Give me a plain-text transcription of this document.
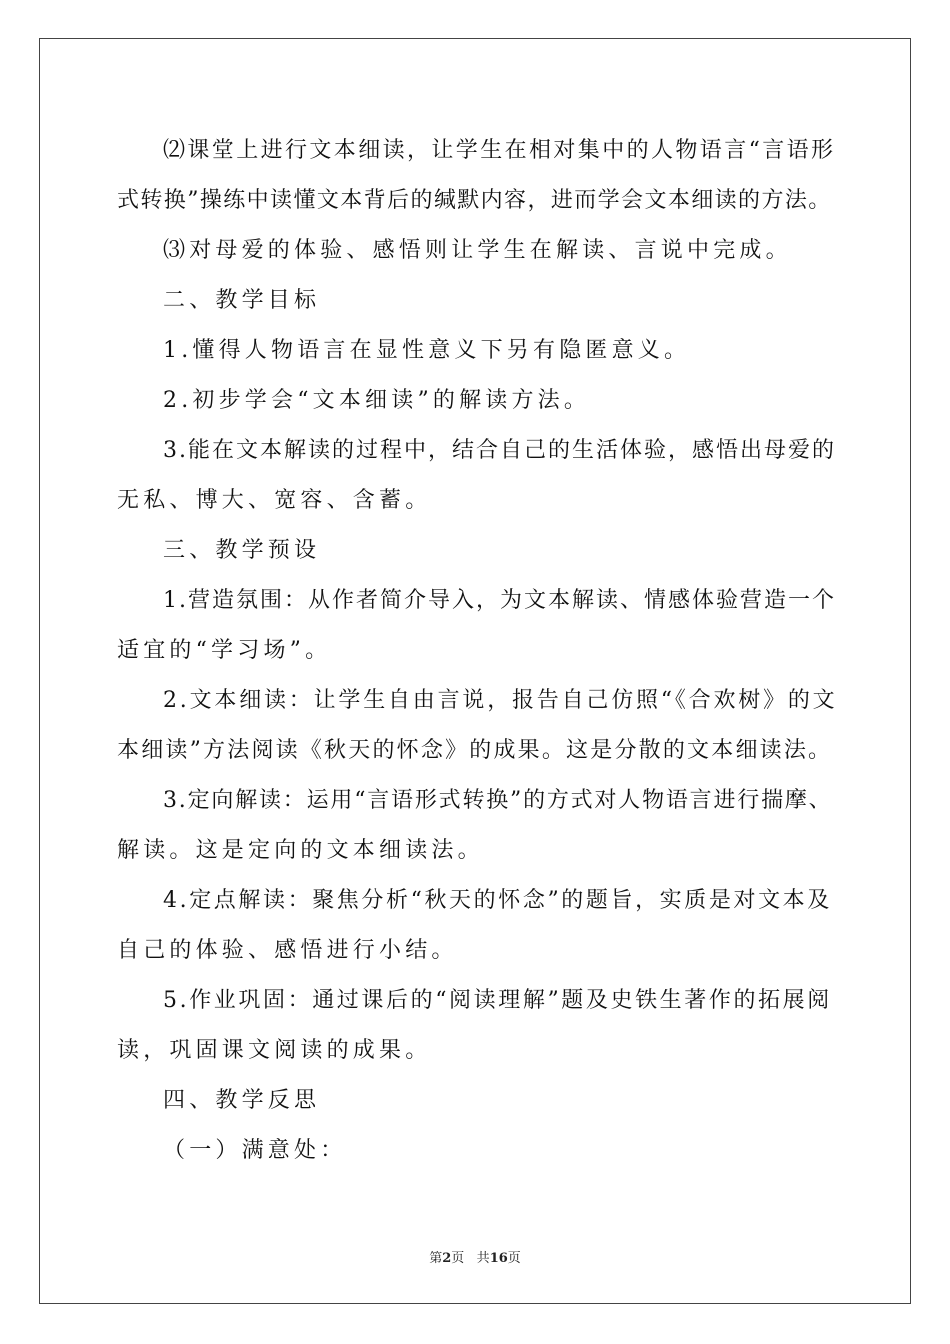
⑵课堂上进行文本细读，让学生在相对集中的人物语言“言语形
式转换”操练中读懂文本背后的缄默内容，进而学会文本细读的方法。
⑶对母爱的体验、感悟则让学生在解读、言说中完成。
二、教学目标
1.懂得人物语言在显性意义下另有隐匿意义。
2.初步学会“文本细读”的解读方法。
3.能在文本解读的过程中，结合自己的生活体验，感悟出母爱的
无私、博大、宽容、含蓄。
三、教学预设
1.营造氛围：从作者简介导入，为文本解读、情感体验营造一个
适宜的“学习场”。
2.文本细读：让学生自由言说，报告自己仿照“《合欢树》的文
本细读”方法阅读《秋天的怀念》的成果。这是分散的文本细读法。
3.定向解读：运用“言语形式转换”的方式对人物语言进行揣摩、
解读。这是定向的文本细读法。
4.定点解读：聚焦分析“秋天的怀念”的题旨，实质是对文本及
自己的体验、感悟进行小结。
5.作业巩固：通过课后的“阅读理解”题及史铁生著作的拓展阅
读，巩固课文阅读的成果。
四、教学反思
（一）满意处：
第2页 共16页
